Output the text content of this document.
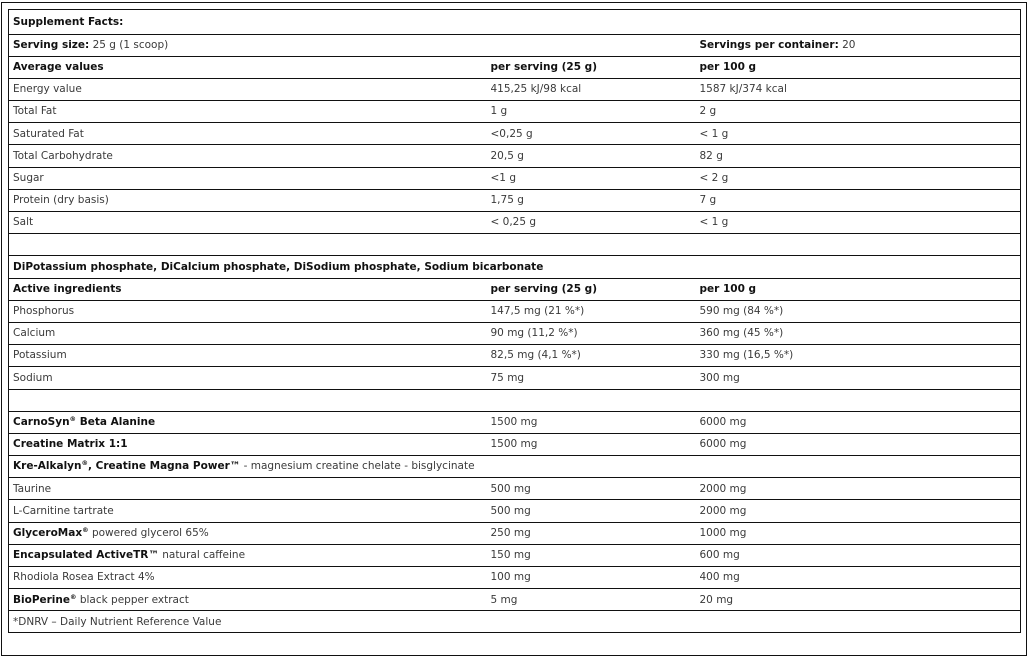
Supplement Facts:		
Serving size: 25 g (1 scoop)		Servings per container: 20
Average values	per serving (25 g)	per 100 g
Energy value	415,25 kJ/98 kcal	1587 kJ/374 kcal
Total Fat	1 g	2 g
Saturated Fat	<0,25 g	< 1 g
Total Carbohydrate	20,5 g	82 g
Sugar	<1 g	< 2 g
Protein (dry basis)	1,75 g	7 g
Salt	< 0,25 g	< 1 g

DiPotassium phosphate, DiCalcium phosphate, DiSodium phosphate, Sodium bicarbonate		
Active ingredients	per serving (25 g)	per 100 g
Phosphorus	147,5 mg (21 %*)	590 mg (84 %*)
Calcium	90 mg (11,2 %*)	360 mg (45 %*)
Potassium	82,5 mg (4,1 %*)	330 mg (16,5 %*)
Sodium	75 mg	300 mg

CarnoSyn® Beta Alanine	1500 mg	6000 mg
Creatine Matrix 1:1	1500 mg	6000 mg
Kre-Alkalyn®, Creatine Magna Power™ - magnesium creatine chelate - bisglycinate		
Taurine	500 mg	2000 mg
L-Carnitine tartrate	500 mg	2000 mg
GlyceroMax® powered glycerol 65%	250 mg	1000 mg
Encapsulated ActiveTR™ natural caffeine	150 mg	600 mg
Rhodiola Rosea Extract 4%	100 mg	400 mg
BioPerine® black pepper extract	5 mg	20 mg
*DNRV – Daily Nutrient Reference Value		
